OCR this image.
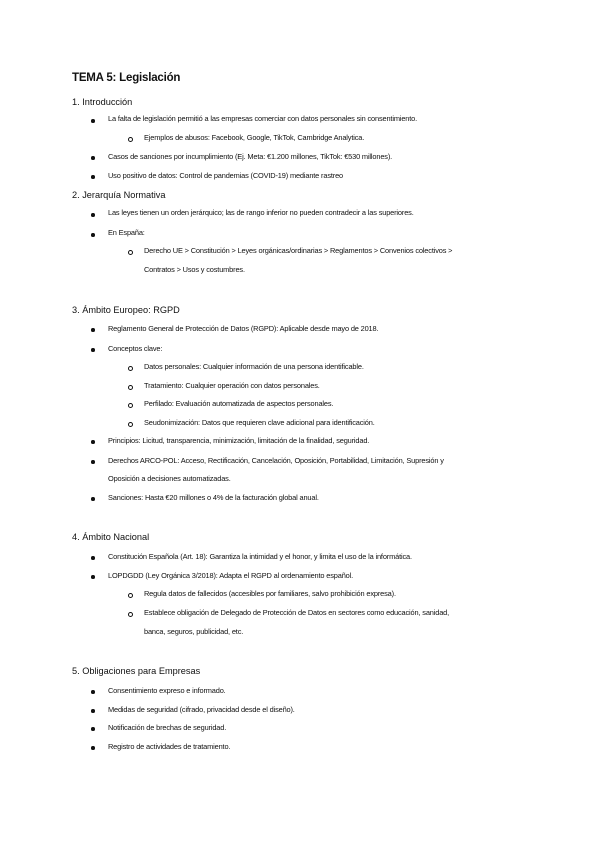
TEMA 5: Legislación
1. Introducción
La falta de legislación permitió a las empresas comerciar con datos personales sin consentimiento.
Ejemplos de abusos: Facebook, Google, TikTok, Cambridge Analytica.
Casos de sanciones por incumplimiento (Ej. Meta: €1.200 millones, TikTok: €530 millones).
Uso positivo de datos: Control de pandemias (COVID-19) mediante rastreo
2. Jerarquía Normativa
Las leyes tienen un orden jerárquico; las de rango inferior no pueden contradecir a las superiores.
En España:
Derecho UE > Constitución > Leyes orgánicas/ordinarias > Reglamentos > Convenios colectivos >
Contratos > Usos y costumbres.
3. Ámbito Europeo: RGPD
Reglamento General de Protección de Datos (RGPD): Aplicable desde mayo de 2018.
Conceptos clave:
Datos personales: Cualquier información de una persona identificable.
Tratamiento: Cualquier operación con datos personales.
Perfilado: Evaluación automatizada de aspectos personales.
Seudonimización: Datos que requieren clave adicional para identificación.
Principios: Licitud, transparencia, minimización, limitación de la finalidad, seguridad.
Derechos ARCO-POL: Acceso, Rectificación, Cancelación, Oposición, Portabilidad, Limitación, Supresión y
Oposición a decisiones automatizadas.
Sanciones: Hasta €20 millones o 4% de la facturación global anual.
4. Ámbito Nacional
Constitución Española (Art. 18): Garantiza la intimidad y el honor, y limita el uso de la informática.
LOPDGDD (Ley Orgánica 3/2018): Adapta el RGPD al ordenamiento español.
Regula datos de fallecidos (accesibles por familiares, salvo prohibición expresa).
Establece obligación de Delegado de Protección de Datos en sectores como educación, sanidad,
banca, seguros, publicidad, etc.
5. Obligaciones para Empresas
Consentimiento expreso e informado.
Medidas de seguridad (cifrado, privacidad desde el diseño).
Notificación de brechas de seguridad.
Registro de actividades de tratamiento.
